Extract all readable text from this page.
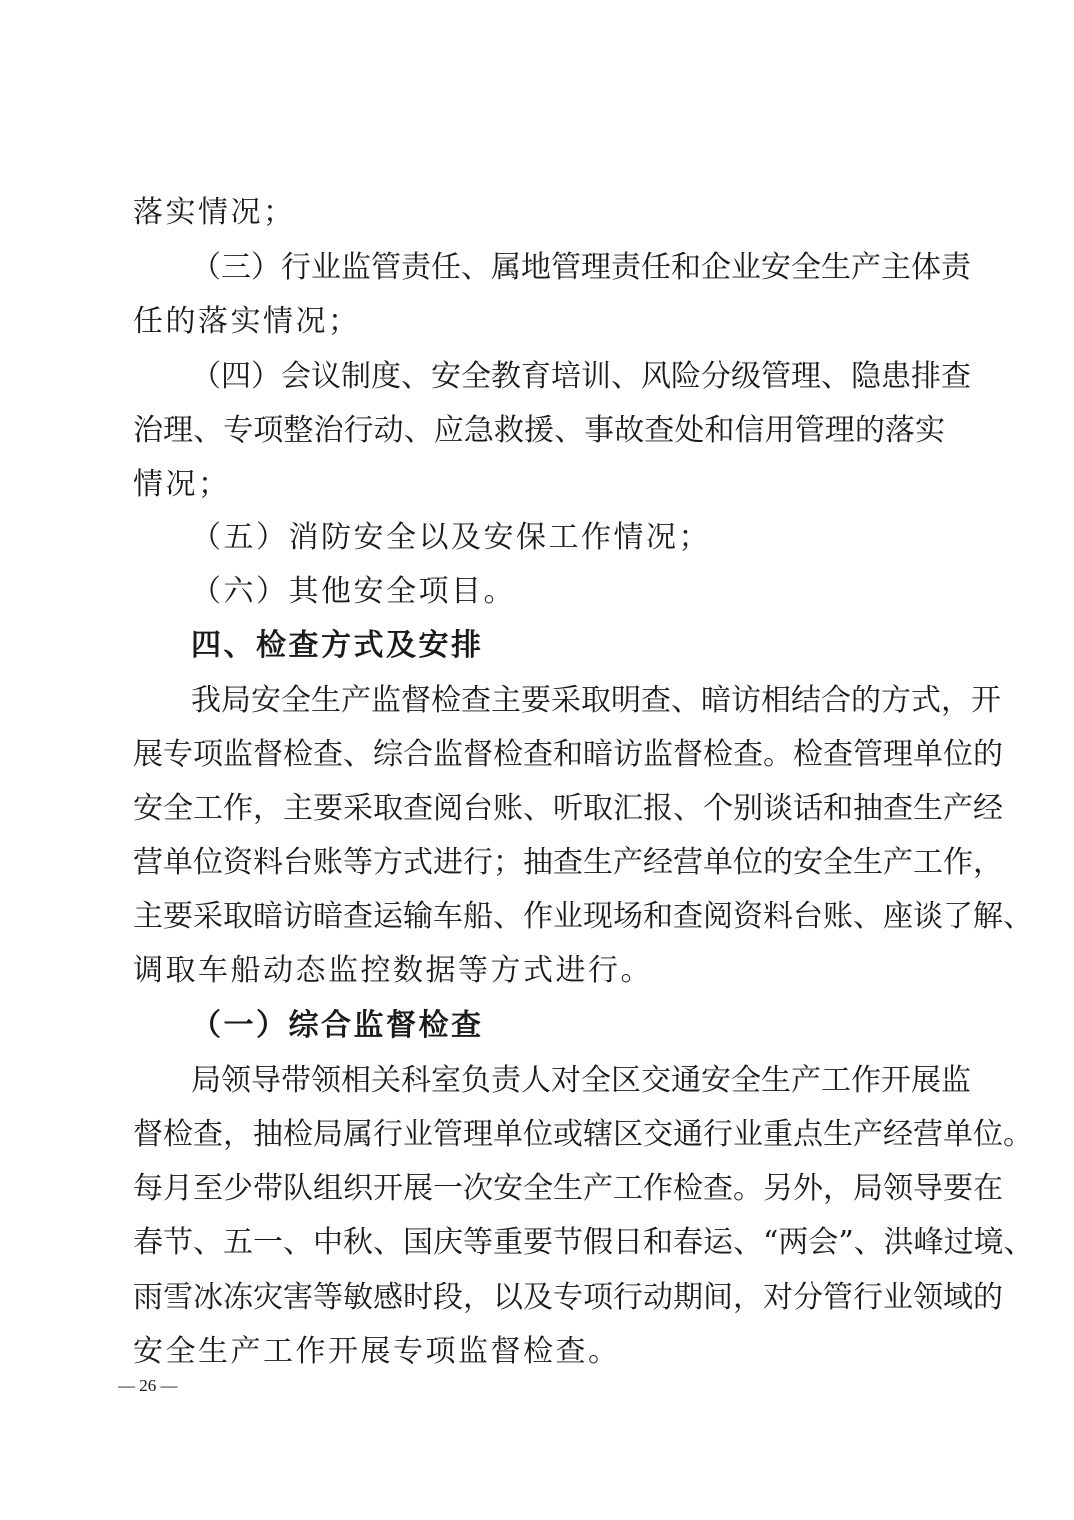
落实情况；
（三）行业监管责任、属地管理责任和企业安全生产主体责
任的落实情况；
（四）会议制度、安全教育培训、风险分级管理、隐患排查
治理、专项整治行动、应急救援、事故查处和信用管理的落实
情况；
（五）消防安全以及安保工作情况；
（六）其他安全项目。
四、检查方式及安排
我局安全生产监督检查主要采取明查、暗访相结合的方式，开
展专项监督检查、综合监督检查和暗访监督检查。检查管理单位的
安全工作，主要采取查阅台账、听取汇报、个别谈话和抽查生产经
营单位资料台账等方式进行；抽查生产经营单位的安全生产工作，
主要采取暗访暗查运输车船、作业现场和查阅资料台账、座谈了解、
调取车船动态监控数据等方式进行。
（一）综合监督检查
局领导带领相关科室负责人对全区交通安全生产工作开展监
督检查，抽检局属行业管理单位或辖区交通行业重点生产经营单位。
每月至少带队组织开展一次安全生产工作检查。另外，局领导要在
春节、五一、中秋、国庆等重要节假日和春运、“两会”、洪峰过境、
雨雪冰冻灾害等敏感时段，以及专项行动期间，对分管行业领域的
安全生产工作开展专项监督检查。
— 26 —
